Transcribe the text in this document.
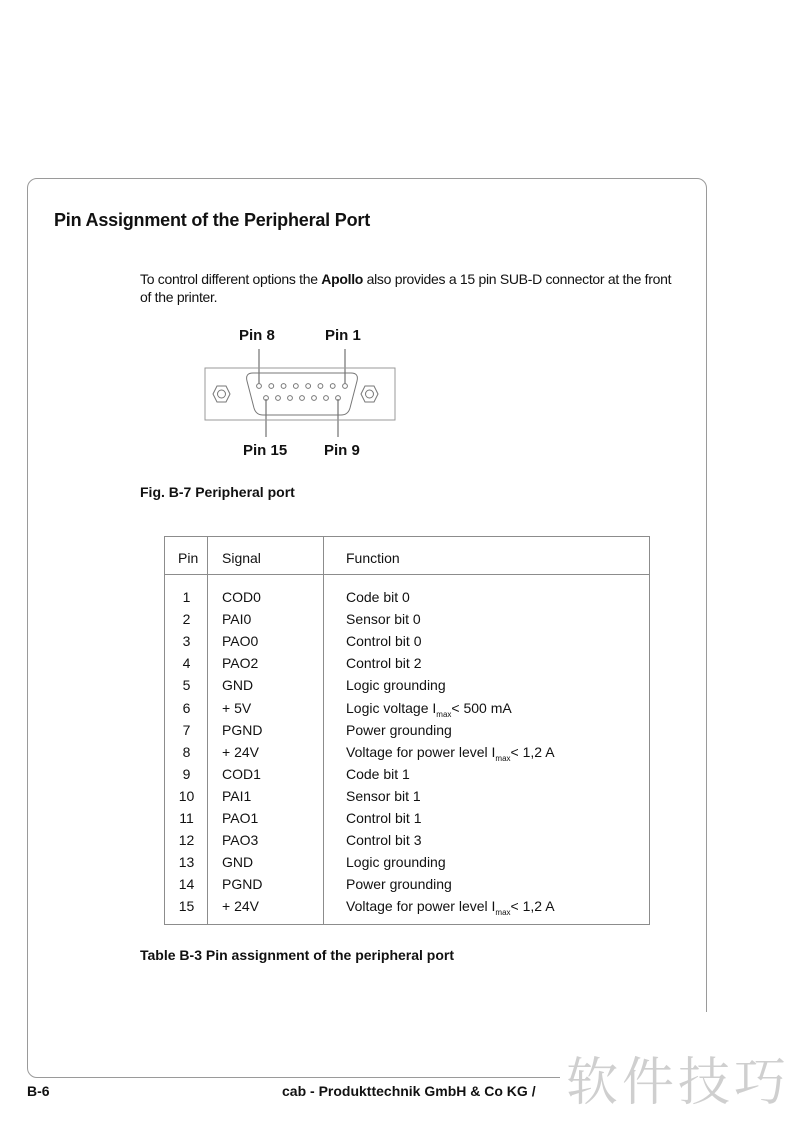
Pin Assignment of the Peripheral Port
To control different options the Apollo also provides a 15 pin SUB-D connector at the front of the printer.
Pin 8	Pin 1
Pin 15 Pin 9
Fig. B-7 Peripheral port
Pin Signal	Function
1	COD0	Code bit 0
2	PAI0	Sensor bit 0
3	PAO0	Control bit 0
4	PAO2	Control bit 2
5	GND	Logic grounding
6	+ 5V	Logic voltage $I_{max}< 500$ mA
7	PGND	Power grounding
8	+ 24V	Voltage for power level $I_{max}< 1,2$ A
9	COD1	Code bit 1
10	PAI1	Sensor bit 1
11	PAO1	Control bit 1
12	PAO3	Control bit 3
13	GND	Logic grounding
14	PGND	Power grounding
15	+ 24V	Voltage for power level $I_{max}< 1,2$ A
Table B-3 Pin assignment of the peripheral port
B-6	cab - Produkttechnik GmbH & Co KG / 软件技巧
